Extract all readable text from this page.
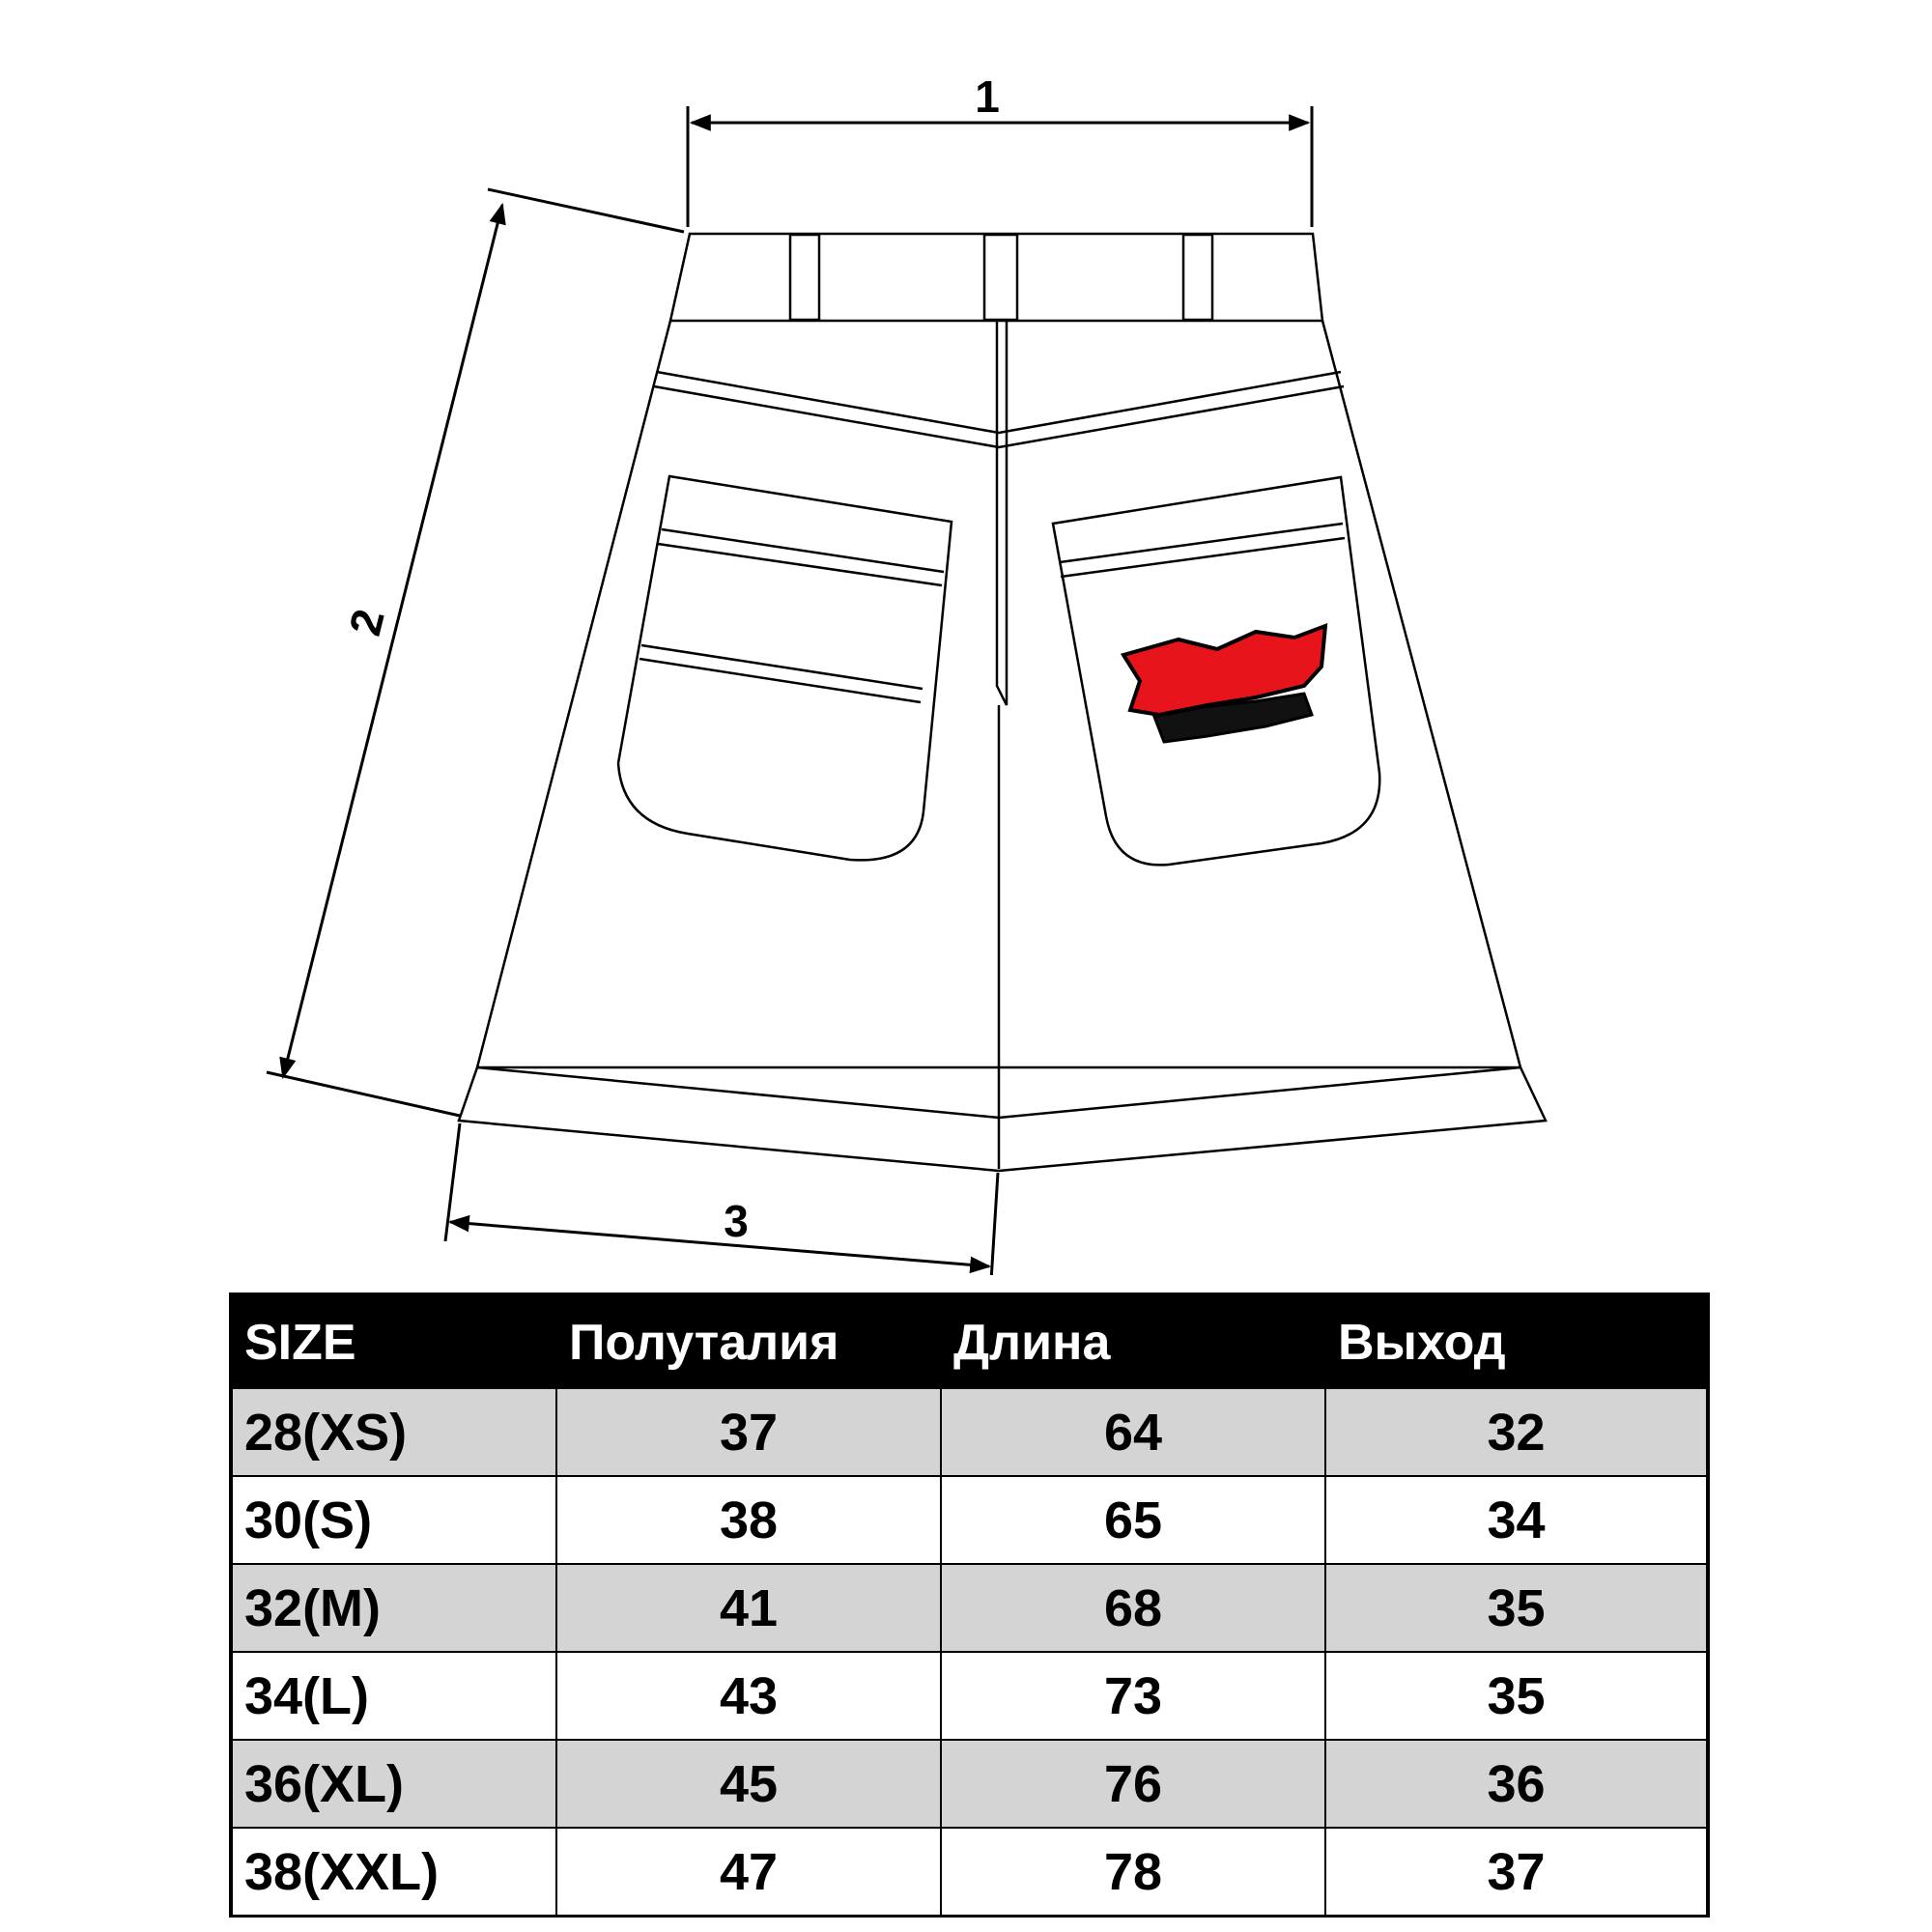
1
2
3
SIZE	Полуталия	Длина	Выход
28(XS)	37	64	32
30(S)	38	65	34
32(M)	41	68	35
34(L)	43	73	35
36(XL)	45	76	36
38(XXL)	47	78	37
